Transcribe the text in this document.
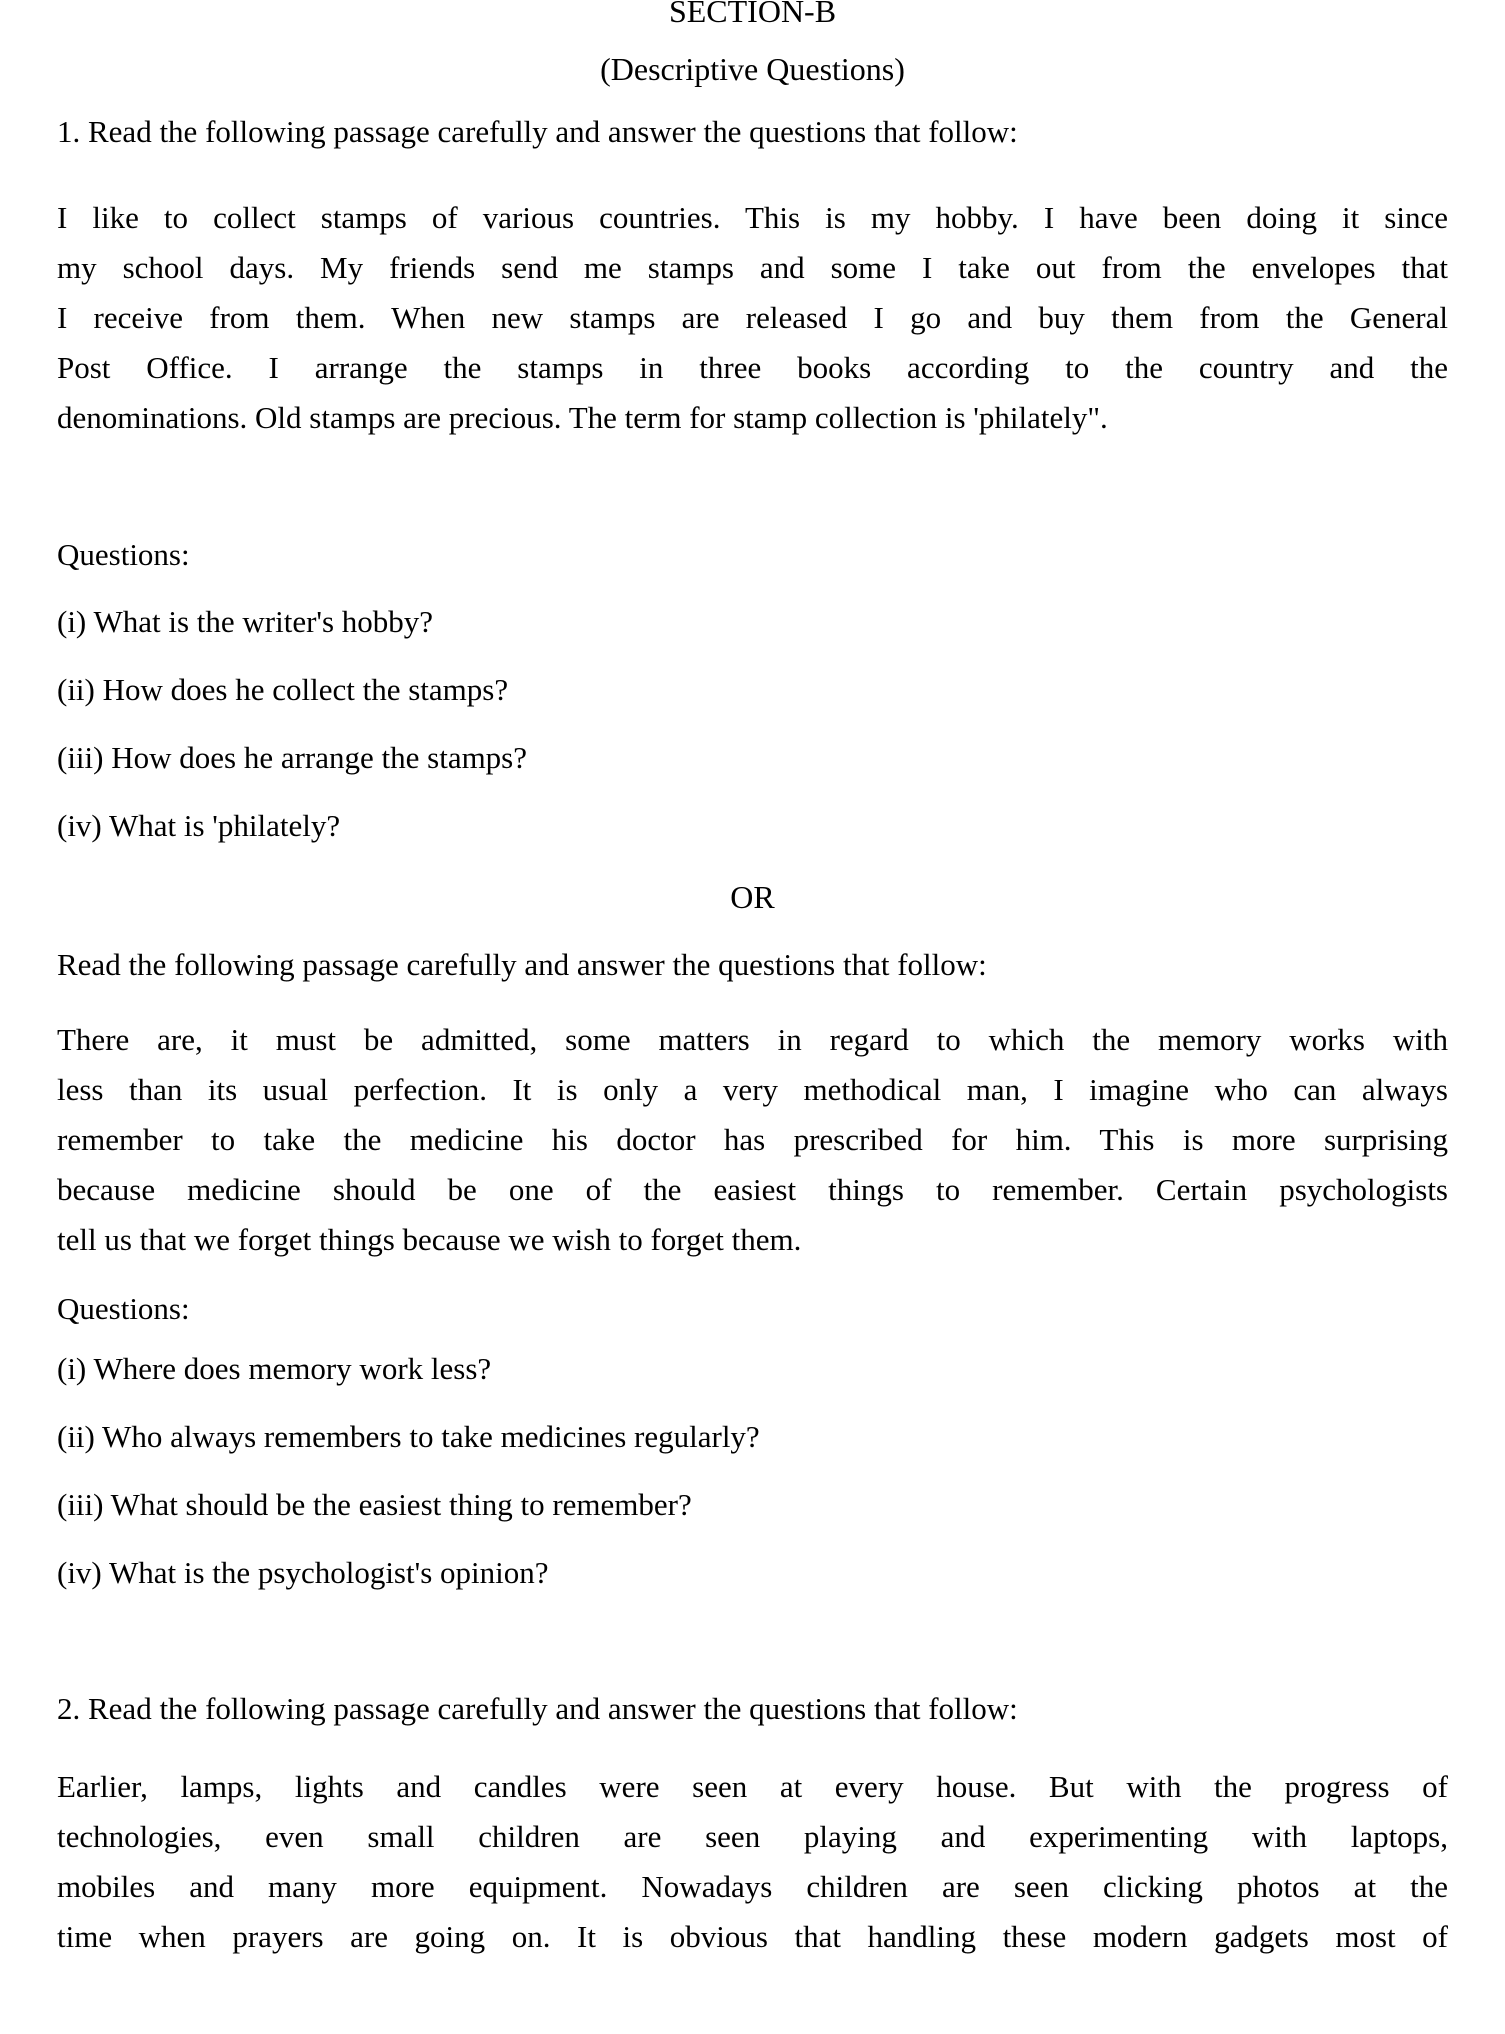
SECTION-B
(Descriptive Questions)
1. Read the following passage carefully and answer the questions that follow:
I like to collect stamps of various countries. This is my hobby. I have been doing it since
my school days. My friends send me stamps and some I take out from the envelopes that
I receive from them. When new stamps are released I go and buy them from the General
Post Office. I arrange the stamps in three books according to the country and the
denominations. Old stamps are precious. The term for stamp collection is 'philately".
Questions:
(i) What is the writer's hobby?
(ii) How does he collect the stamps?
(iii) How does he arrange the stamps?
(iv) What is 'philately?
OR
Read the following passage carefully and answer the questions that follow:
There are, it must be admitted, some matters in regard to which the memory works with
less than its usual perfection. It is only a very methodical man, I imagine who can always
remember to take the medicine his doctor has prescribed for him. This is more surprising
because medicine should be one of the easiest things to remember. Certain psychologists
tell us that we forget things because we wish to forget them.
Questions:
(i) Where does memory work less?
(ii) Who always remembers to take medicines regularly?
(iii) What should be the easiest thing to remember?
(iv) What is the psychologist's opinion?
2. Read the following passage carefully and answer the questions that follow:
Earlier, lamps, lights and candles were seen at every house. But with the progress of
technologies, even small children are seen playing and experimenting with laptops,
mobiles and many more equipment. Nowadays children are seen clicking photos at the
time when prayers are going on. It is obvious that handling these modern gadgets most of
